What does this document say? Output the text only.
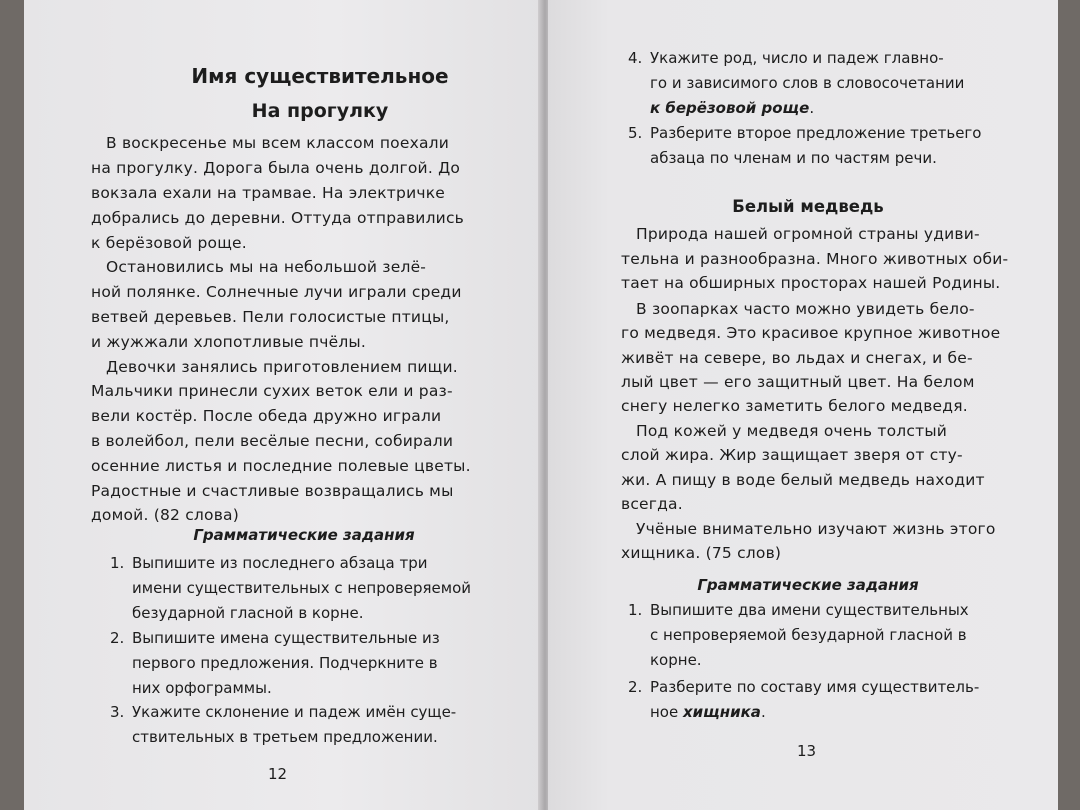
Имя существительное
На прогулку
В воскресенье мы всем классом поехали
на прогулку. Дорога была очень долгой. До
вокзала ехали на трамвае. На электричке
добрались до деревни. Оттуда отправились
к берёзовой роще.
Остановились мы на небольшой зелё-
ной полянке. Солнечные лучи играли среди
ветвей деревьев. Пели голосистые птицы,
и жужжали хлопотливые пчёлы.
Девочки занялись приготовлением пищи.
Мальчики принесли сухих веток ели и раз-
вели костёр. После обеда дружно играли
в волейбол, пели весёлые песни, собирали
осенние листья и последние полевые цветы.
Радостные и счастливые возвращались мы
домой. (82 слова)
Грамматические задания
1. Выпишите из последнего абзаца три
имени существительных с непроверяемой
безударной гласной в корне.
2. Выпишите имена существительные из
первого предложения. Подчеркните в
них орфограммы.
3. Укажите склонение и падеж имён суще-
ствительных в третьем предложении.
12
4. Укажите род, число и падеж главно-
го и зависимого слов в словосочетании
к берёзовой роще.
5. Разберите второе предложение третьего
абзаца по членам и по частям речи.
Белый медведь
Природа нашей огромной страны удиви-
тельна и разнообразна. Много животных оби-
тает на обширных просторах нашей Родины.
В зоопарках часто можно увидеть бело-
го медведя. Это красивое крупное животное
живёт на севере, во льдах и снегах, и бе-
лый цвет — его защитный цвет. На белом
снегу нелегко заметить белого медведя.
Под кожей у медведя очень толстый
слой жира. Жир защищает зверя от сту-
жи. А пищу в воде белый медведь находит
всегда.
Учёные внимательно изучают жизнь этого
хищника. (75 слов)
Грамматические задания
1. Выпишите два имени существительных
с непроверяемой безударной гласной в
корне.
2. Разберите по составу имя существитель-
ное хищника.
13
